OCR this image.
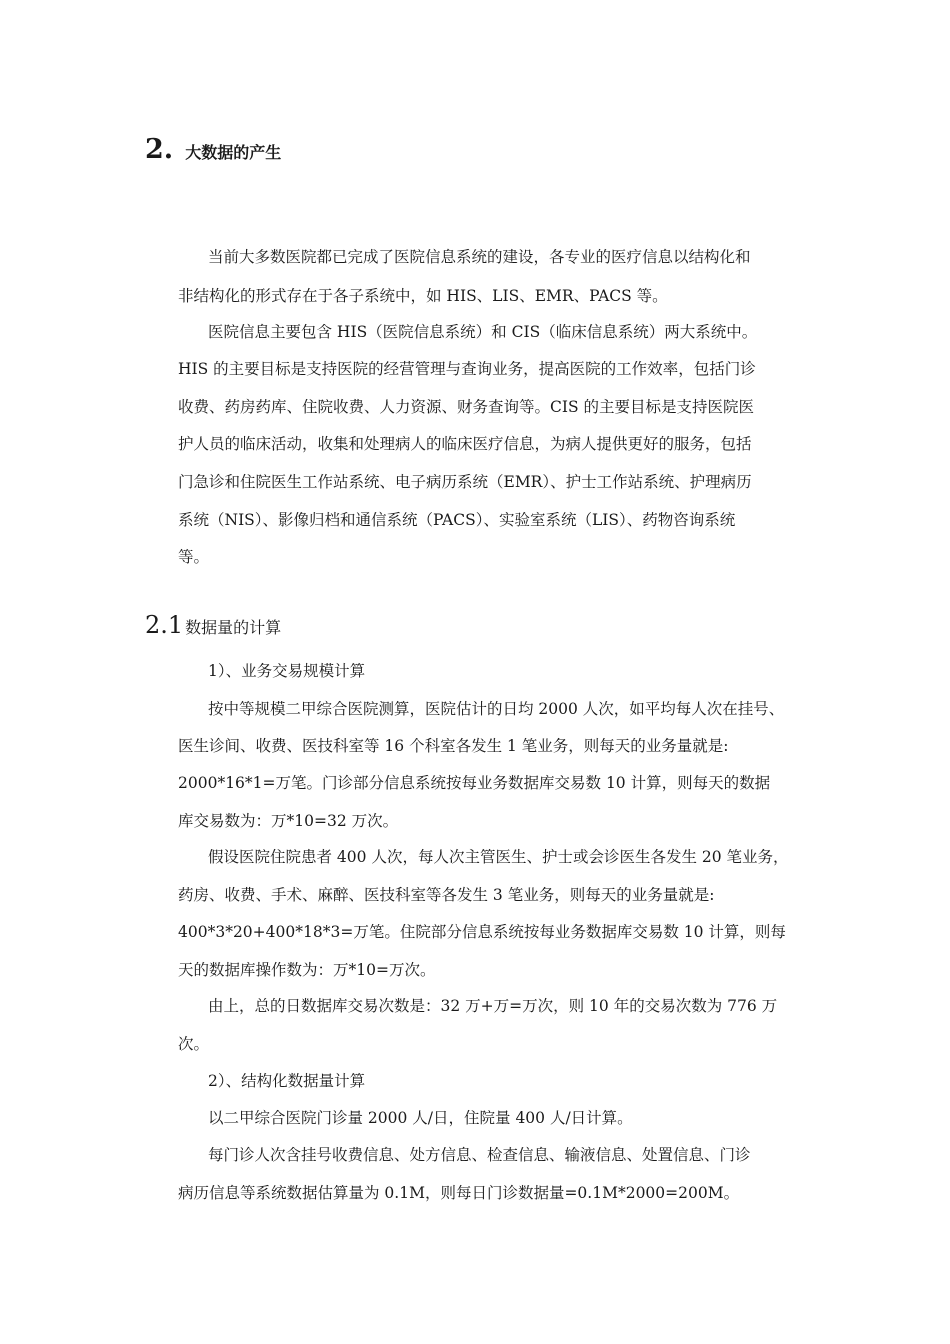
2. 大数据的产生
当前大多数医院都已完成了医院信息系统的建设，各专业的医疗信息以结构化和
非结构化的形式存在于各子系统中，如 HIS、LIS、EMR、PACS 等。
医院信息主要包含 HIS（医院信息系统）和 CIS（临床信息系统）两大系统中。
HIS 的主要目标是支持医院的经营管理与查询业务，提高医院的工作效率，包括门诊
收费、药房药库、住院收费、人力资源、财务查询等。CIS 的主要目标是支持医院医
护人员的临床活动，收集和处理病人的临床医疗信息，为病人提供更好的服务，包括
门急诊和住院医生工作站系统、电子病历系统（EMR）、护士工作站系统、护理病历
系统（NIS）、影像归档和通信系统（PACS）、实验室系统（LIS）、药物咨询系统
等。
2.1 数据量的计算
1）、业务交易规模计算
按中等规模二甲综合医院测算，医院估计的日均 2000 人次，如平均每人次在挂号、
医生诊间、收费、医技科室等 16 个科室各发生 1 笔业务，则每天的业务量就是:
2000*16*1=万笔。门诊部分信息系统按每业务数据库交易数 10 计算，则每天的数据
库交易数为：万*10=32 万次。
假设医院住院患者 400 人次，每人次主管医生、护士或会诊医生各发生 20 笔业务，
药房、收费、手术、麻醉、医技科室等各发生 3 笔业务，则每天的业务量就是:
400*3*20+400*18*3=万笔。住院部分信息系统按每业务数据库交易数 10 计算，则每
天的数据库操作数为：万*10=万次。
由上，总的日数据库交易次数是：32 万+万=万次，则 10 年的交易次数为 776 万
次。
2）、结构化数据量计算
以二甲综合医院门诊量 2000 人/日，住院量 400 人/日计算。
每门诊人次含挂号收费信息、处方信息、检查信息、输液信息、处置信息、门诊
病历信息等系统数据估算量为 0.1M，则每日门诊数据量=0.1M*2000=200M。
